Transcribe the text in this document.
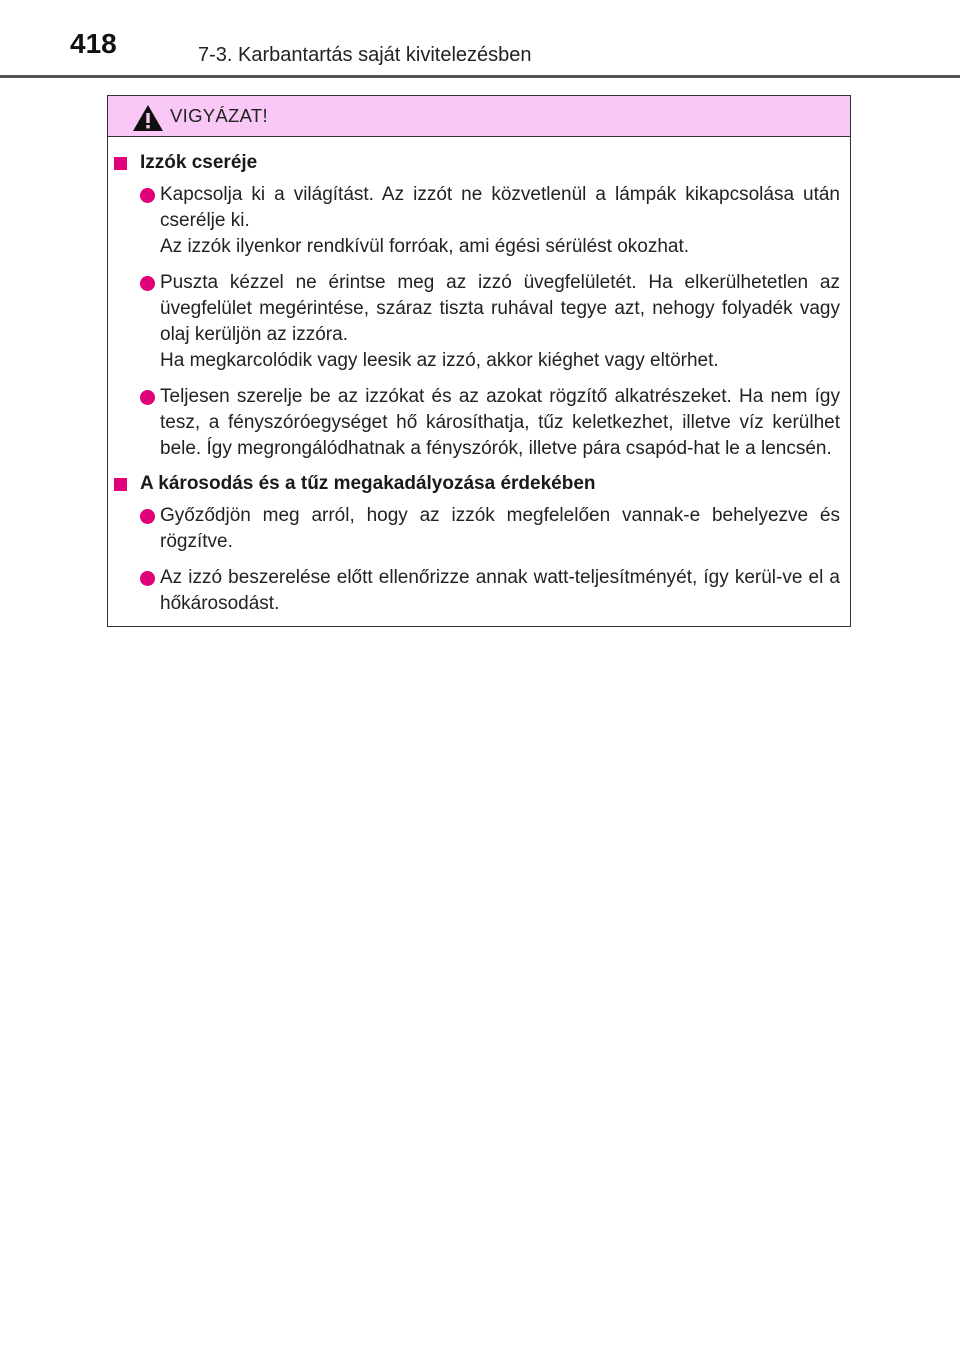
418	7-3. Karbantartás saját kivitelezésben
VIGYÁZAT!
Izzók cseréje

Kapcsolja ki a világítást. Az izzót ne közvetlenül a lámpák kikapcsolása után cserélje ki.

Az izzók ilyenkor rendkívül forróak, ami égési sérülést okozhat.

Puszta kézzel ne érintse meg az izzó üvegfelületét. Ha elkerülhetetlen az üvegfelület megérintése, száraz tiszta ruhával tegye azt, nehogy folyadék vagy olaj kerüljön az izzóra.

Ha megkarcolódik vagy leesik az izzó, akkor kiéghet vagy eltörhet.

Teljesen szerelje be az izzókat és az azokat rögzítő alkatrészeket. Ha nem így tesz, a fényszóróegységet hő károsíthatja, tűz keletkezhet, illetve víz kerülhet bele. Így megrongálódhatnak a fényszórók, illetve pára csapód-hat le a lencsén.

A károsodás és a tűz megakadályozása érdekében

Győződjön meg arról, hogy az izzók megfelelően vannak-e behelyezve és rögzítve.

Az izzó beszerelése előtt ellenőrizze annak watt-teljesítményét, így kerül-ve el a hőkárosodást.
